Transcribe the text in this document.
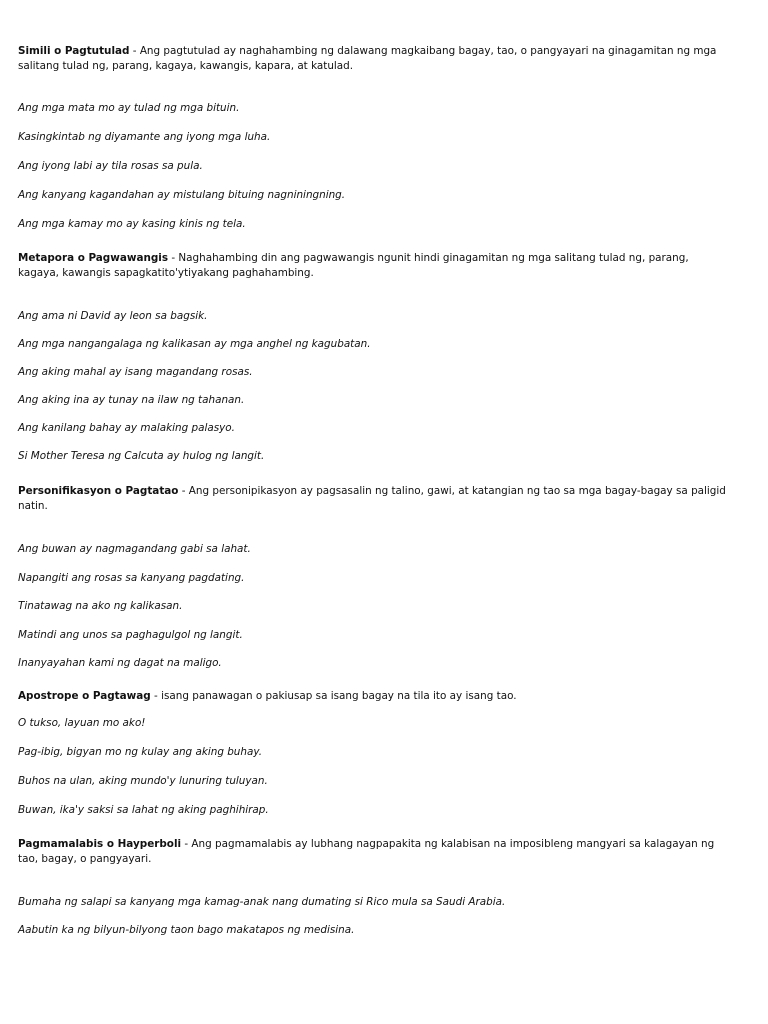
Simili o Pagtutulad - Ang pagtutulad ay naghahambing ng dalawang magkaibang bagay, tao, o pangyayari na ginagamitan ng mga salitang tulad ng, parang, kagaya, kawangis, kapara, at katulad.

Ang mga mata mo ay tulad ng mga bituin.
Kasingkintab ng diyamante ang iyong mga luha.
Ang iyong labi ay tila rosas sa pula.
Ang kanyang kagandahan ay mistulang bituing nagniningning.
Ang mga kamay mo ay kasing kinis ng tela.

Metapora o Pagwawangis - Naghahambing din ang pagwawangis ngunit hindi ginagamitan ng mga salitang tulad ng, parang, kagaya, kawangis sapagkatito'ytiyakang paghahambing.

Ang ama ni David ay leon sa bagsik.
Ang mga nangangalaga ng kalikasan ay mga anghel ng kagubatan.
Ang aking mahal ay isang magandang rosas.
Ang aking ina ay tunay na ilaw ng tahanan.
Ang kanilang bahay ay malaking palasyo.
Si Mother Teresa ng Calcuta ay hulog ng langit.

Personifikasyon o Pagtatao - Ang personipikasyon ay pagsasalin ng talino, gawi, at katangian ng tao sa mga bagay-bagay sa paligid natin.

Ang buwan ay nagmagandang gabi sa lahat.
Napangiti ang rosas sa kanyang pagdating.
Tinatawag na ako ng kalikasan.
Matindi ang unos sa paghagulgol ng langit.
Inanyayahan kami ng dagat na maligo.

Apostrope o Pagtawag - isang panawagan o pakiusap sa isang bagay na tila ito ay isang tao.

O tukso, layuan mo ako!
Pag-ibig, bigyan mo ng kulay ang aking buhay.
Buhos na ulan, aking mundo'y lunuring tuluyan.
Buwan, ika'y saksi sa lahat ng aking paghihirap.

Pagmamalabis o Hayperboli - Ang pagmamalabis ay lubhang nagpapakita ng kalabisan na imposibleng mangyari sa kalagayan ng tao, bagay, o pangyayari.

Bumaha ng salapi sa kanyang mga kamag-anak nang dumating si Rico mula sa Saudi Arabia.
Aabutin ka ng bilyun-bilyong taon bago makatapos ng medisina.
